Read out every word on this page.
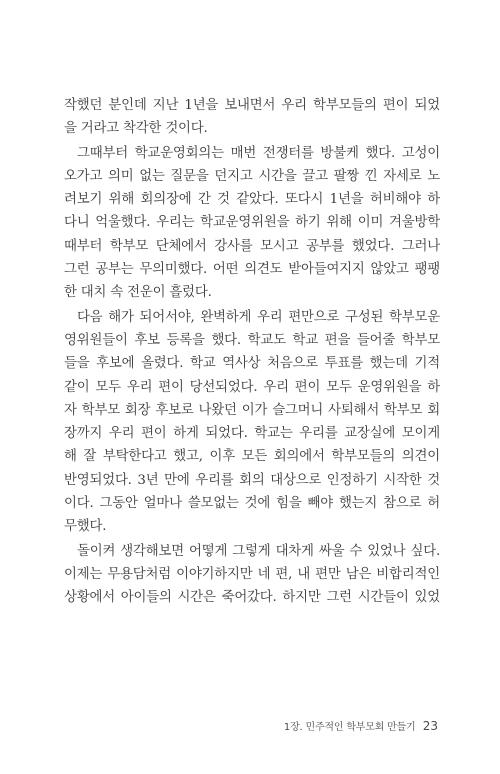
작했던 분인데 지난 1년을 보내면서 우리 학부모들의 편이 되었
을 거라고 착각한 것이다.

그때부터 학교운영회의는 매번 전쟁터를 방불케 했다. 고성이
오가고 의미 없는 질문을 던지고 시간을 끌고 팔짱 낀 자세로 노
려보기 위해 회의장에 간 것 같았다. 또다시 1년을 허비해야 하
다니 억울했다. 우리는 학교운영위원을 하기 위해 이미 겨울방학
때부터 학부모 단체에서 강사를 모시고 공부를 했었다. 그러나
그런 공부는 무의미했다. 어떤 의견도 받아들여지지 않았고 팽팽
한 대치 속 전운이 흘렀다.

다음 해가 되어서야, 완벽하게 우리 편만으로 구성된 학부모운
영위원들이 후보 등록을 했다. 학교도 학교 편을 들어줄 학부모
들을 후보에 올렸다. 학교 역사상 처음으로 투표를 했는데 기적
같이 모두 우리 편이 당선되었다. 우리 편이 모두 운영위원을 하
자 학부모 회장 후보로 나왔던 이가 슬그머니 사퇴해서 학부모 회
장까지 우리 편이 하게 되었다. 학교는 우리를 교장실에 모이게
해 잘 부탁한다고 했고, 이후 모든 회의에서 학부모들의 의견이
반영되었다. 3년 만에 우리를 회의 대상으로 인정하기 시작한 것
이다. 그동안 얼마나 쓸모없는 것에 힘을 빼야 했는지 참으로 허
무했다.

돌이켜 생각해보면 어떻게 그렇게 대차게 싸울 수 있었나 싶다.
이제는 무용담처럼 이야기하지만 네 편, 내 편만 남은 비합리적인
상황에서 아이들의 시간은 죽어갔다. 하지만 그런 시간들이 있었

1장. 민주적인 학부모회 만들기 23
